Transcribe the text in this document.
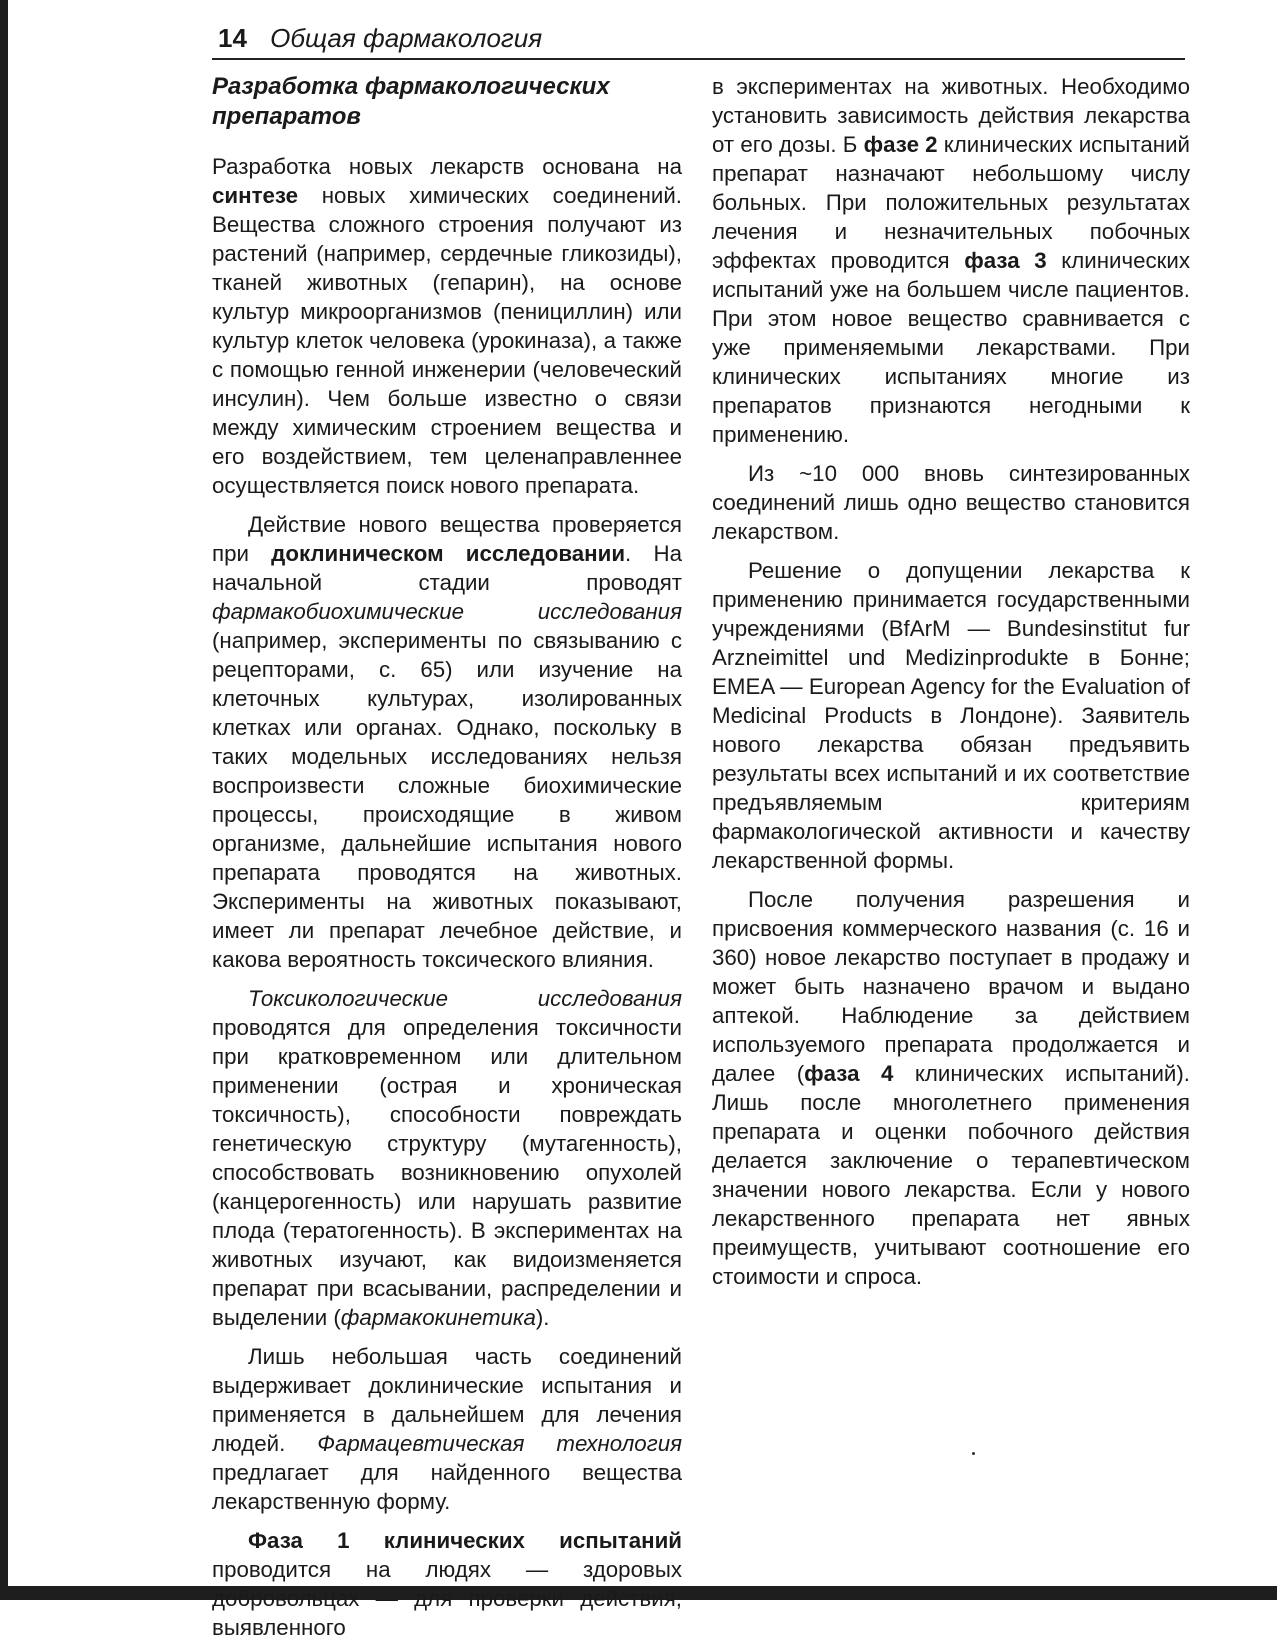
14 Общая фармакология
Разработка фармакологических препаратов

Разработка новых лекарств основана на синтезе новых химических соединений. Вещества сложного строения получают из растений (например, сердечные гликозиды), тканей животных (гепарин), на основе культур микроорганизмов (пенициллин) или культур клеток человека (урокиназа), а также с помощью генной инженерии (человеческий инсулин). Чем больше известно о связи между химическим строением вещества и его воздействием, тем целенаправленнее осуществляется поиск нового препарата.

Действие нового вещества проверяется при доклиническом исследовании. На начальной стадии проводят фармакобиохимические исследования (например, эксперименты по связыванию с рецепторами, с. 65) или изучение на клеточных культурах, изолированных клетках или органах. Однако, поскольку в таких модельных исследованиях нельзя воспроизвести сложные биохимические процессы, происходящие в живом организме, дальнейшие испытания нового препарата проводятся на животных. Эксперименты на животных показывают, имеет ли препарат лечебное действие, и какова вероятность токсического влияния.

Токсикологические исследования проводятся для определения токсичности при кратковременном или длительном применении (острая и хроническая токсичность), способности повреждать генетическую структуру (мутагенность), способствовать возникновению опухолей (канцерогенность) или нарушать развитие плода (тератогенность). В экспериментах на животных изучают, как видоизменяется препарат при всасывании, распределении и выделении (фармакокинетика).

Лишь небольшая часть соединений выдерживает доклинические испытания и применяется в дальнейшем для лечения людей. Фармацевтическая технология предлагает для найденного вещества лекарственную форму.

Фаза 1 клинических испытаний проводится на людях — здоровых добровольцах — для проверки действия, выявленного

в экспериментах на животных. Необходимо установить зависимость действия лекарства от его дозы. Б фазе 2 клинических испытаний препарат назначают небольшому числу больных. При положительных результатах лечения и незначительных побочных эффектах проводится фаза 3 клинических испытаний уже на большем числе пациентов. При этом новое вещество сравнивается с уже применяемыми лекарствами. При клинических испытаниях многие из препаратов признаются негодными к применению.

Из ~10 000 вновь синтезированных соединений лишь одно вещество становится лекарством.

Решение о допущении лекарства к применению принимается государственными учреждениями (BfArM — Bundesinstitut fur Arzneimittel und Medizinprodukte в Бонне; EMEA — European Agency for the Evaluation of Medicinal Products в Лондоне). Заявитель нового лекарства обязан предъявить результаты всех испытаний и их соответствие предъявляемым критериям фармакологической активности и качеству лекарственной формы.

После получения разрешения и присвоения коммерческого названия (с. 16 и 360) новое лекарство поступает в продажу и может быть назначено врачом и выдано аптекой. Наблюдение за действием используемого препарата продолжается и далее (фаза 4 клинических испытаний). Лишь после многолетнего применения препарата и оценки побочного действия делается заключение о терапевтическом значении нового лекарства. Если у нового лекарственного препарата нет явных преимуществ, учитывают соотношение его стоимости и спроса.
